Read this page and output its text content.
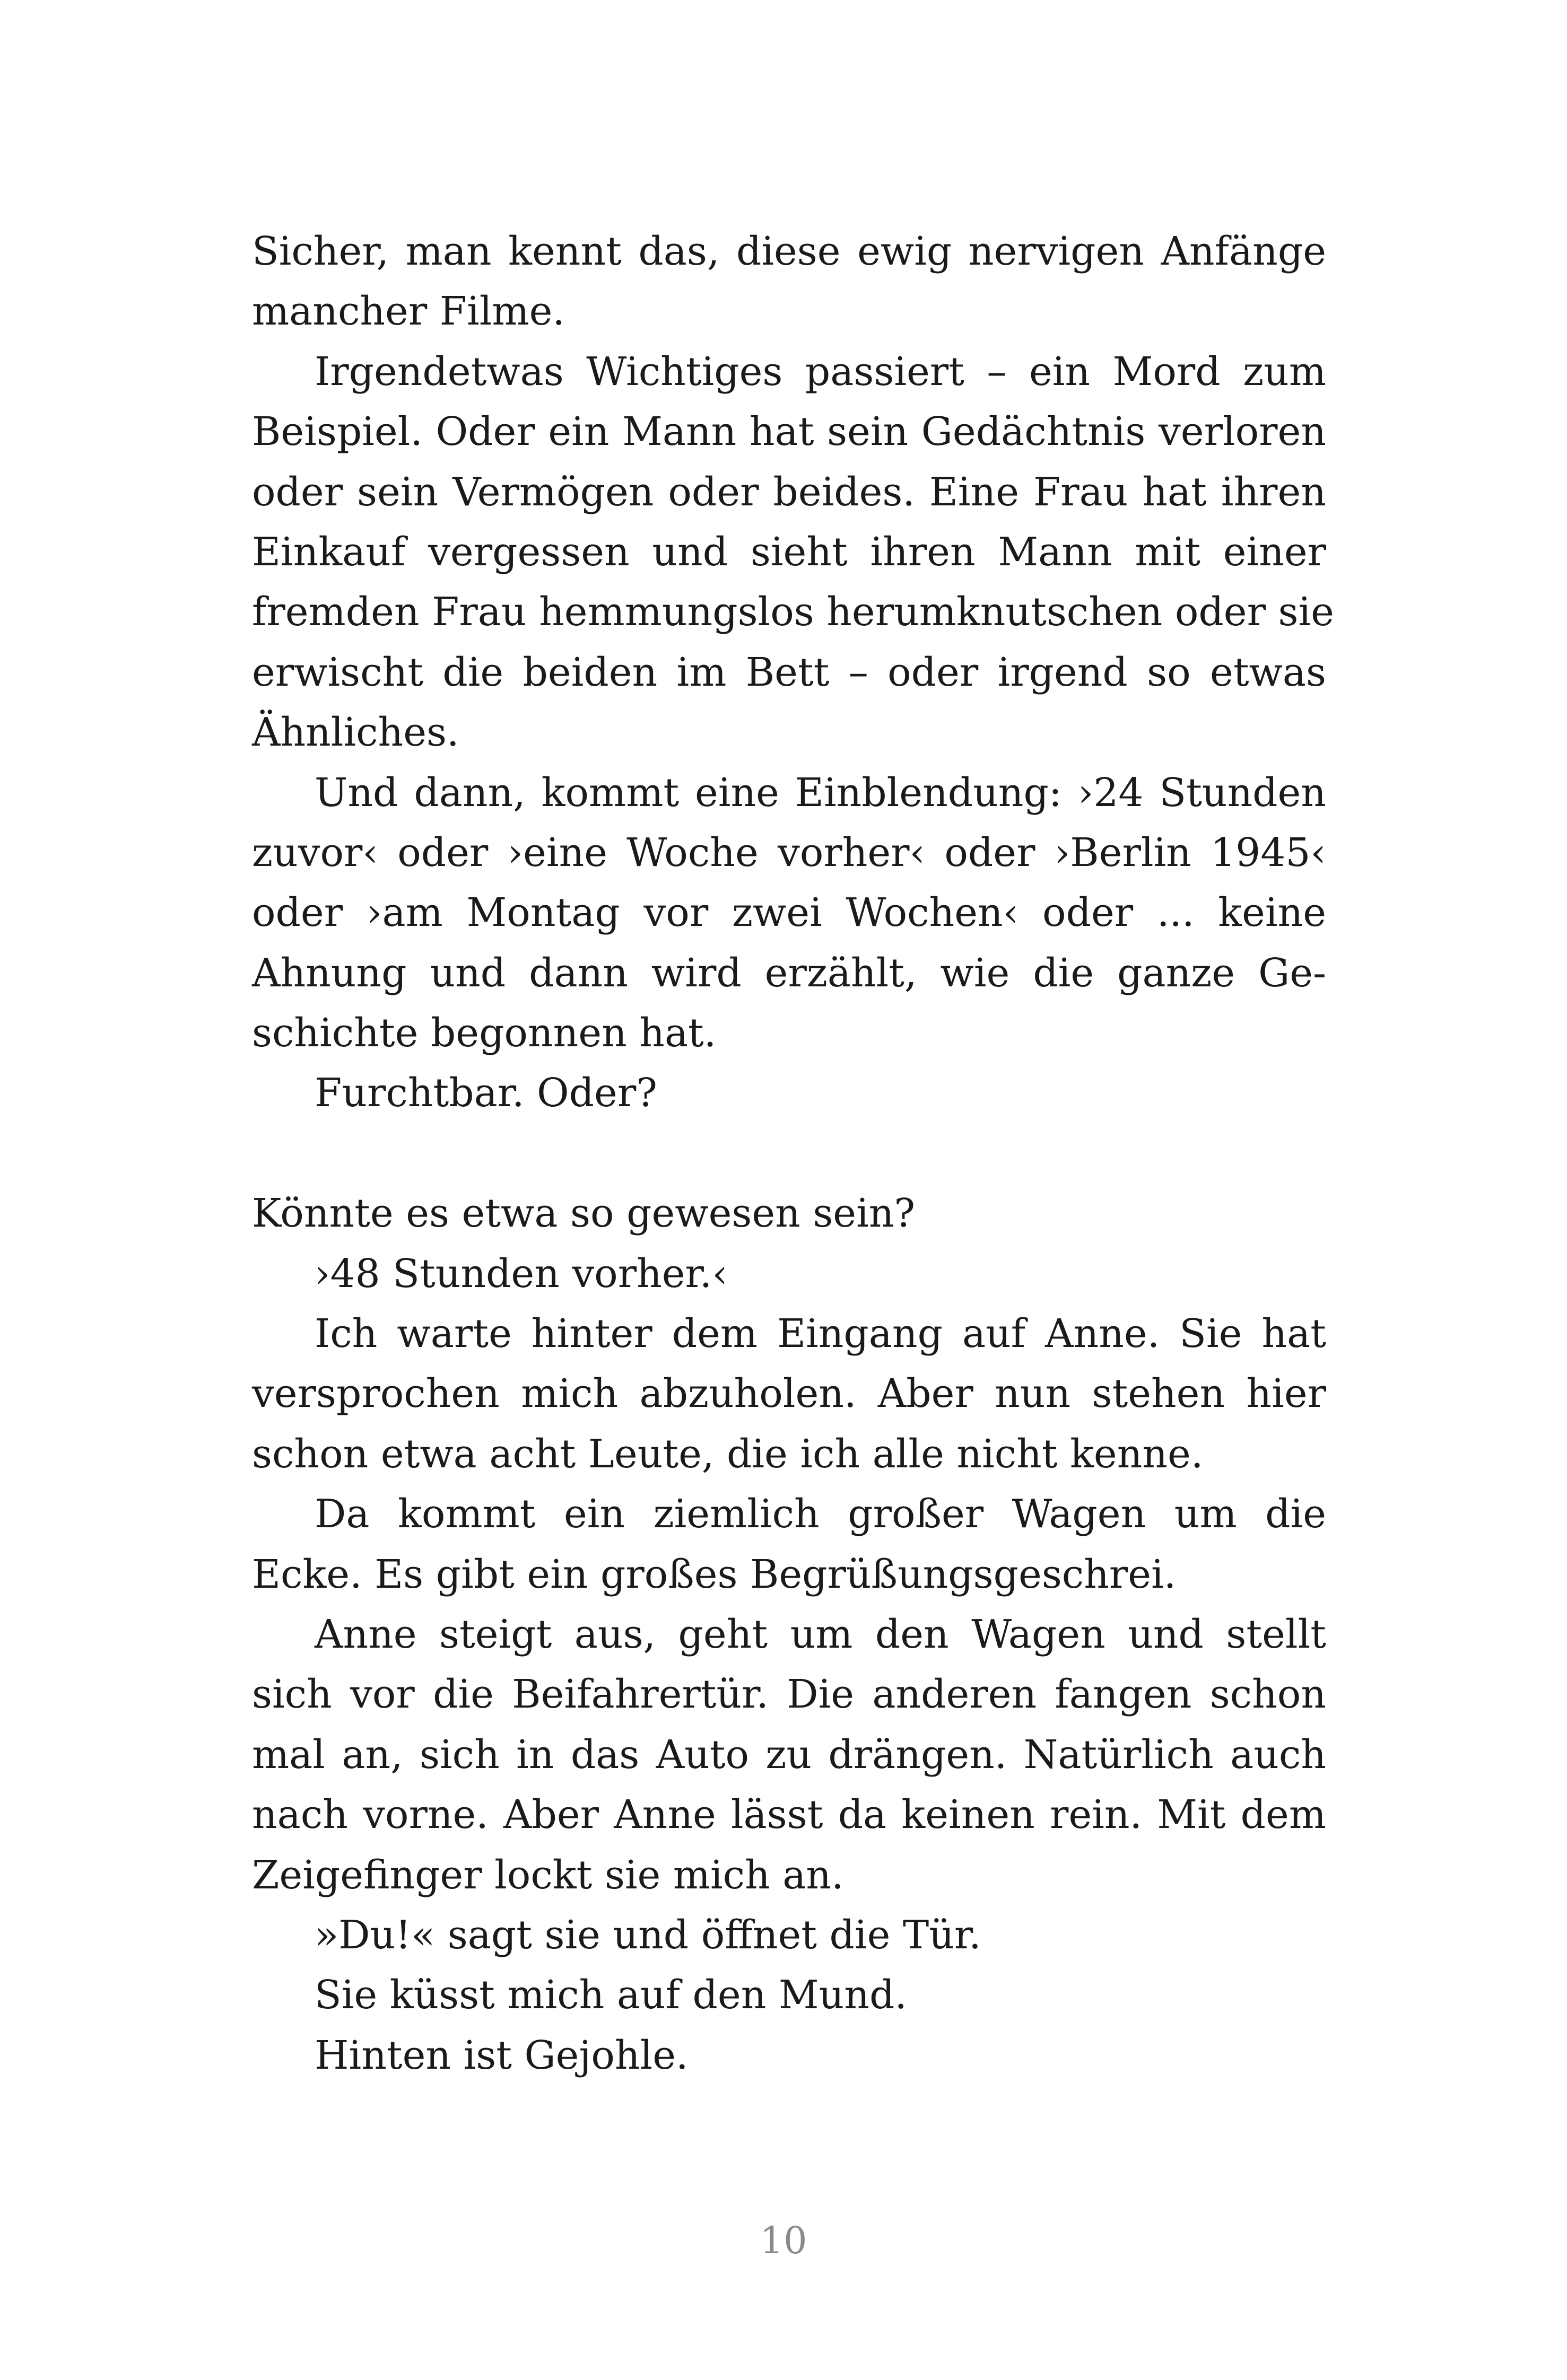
Sicher, man kennt das, diese ewig nervigen Anfänge
mancher Filme.
Irgendetwas Wichtiges passiert – ein Mord zum
Beispiel. Oder ein Mann hat sein Gedächtnis verloren
oder sein Vermögen oder beides. Eine Frau hat ihren
Einkauf vergessen und sieht ihren Mann mit einer
fremden Frau hemmungslos herumknutschen oder sie
erwischt die beiden im Bett – oder irgend so etwas
Ähnliches.
Und dann, kommt eine Einblendung: ›24 Stunden
zuvor‹ oder ›eine Woche vorher‹ oder ›Berlin 1945‹
oder ›am Montag vor zwei Wochen‹ oder ... keine
Ahnung und dann wird erzählt, wie die ganze Ge-
schichte begonnen hat.
Furchtbar. Oder?
Könnte es etwa so gewesen sein?
›48 Stunden vorher.‹
Ich warte hinter dem Eingang auf Anne. Sie hat
versprochen mich abzuholen. Aber nun stehen hier
schon etwa acht Leute, die ich alle nicht kenne.
Da kommt ein ziemlich großer Wagen um die
Ecke. Es gibt ein großes Begrüßungsgeschrei.
Anne steigt aus, geht um den Wagen und stellt
sich vor die Beifahrertür. Die anderen fangen schon
mal an, sich in das Auto zu drängen. Natürlich auch
nach vorne. Aber Anne lässt da keinen rein. Mit dem
Zeigefinger lockt sie mich an.
»Du!« sagt sie und öffnet die Tür.
Sie küsst mich auf den Mund.
Hinten ist Gejohle.
10
